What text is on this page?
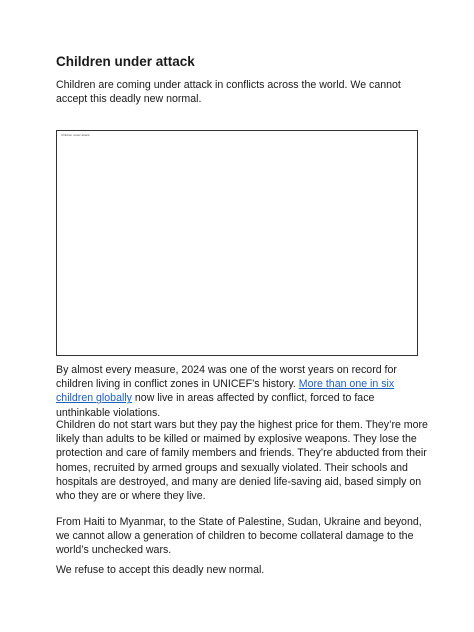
Children under attack

Children are coming under attack in conflicts across the world. We cannot accept this deadly new normal.

Children under attack

By almost every measure, 2024 was one of the worst years on record for children living in conflict zones in UNICEF’s history. More than one in six children globally now live in areas affected by conflict, forced to face unthinkable violations.

Children do not start wars but they pay the highest price for them. They’re more likely than adults to be killed or maimed by explosive weapons. They lose the protection and care of family members and friends. They’re abducted from their homes, recruited by armed groups and sexually violated. Their schools and hospitals are destroyed, and many are denied life-saving aid, based simply on who they are or where they live.

From Haiti to Myanmar, to the State of Palestine, Sudan, Ukraine and beyond, we cannot allow a generation of children to become collateral damage to the world’s unchecked wars.

We refuse to accept this deadly new normal.
